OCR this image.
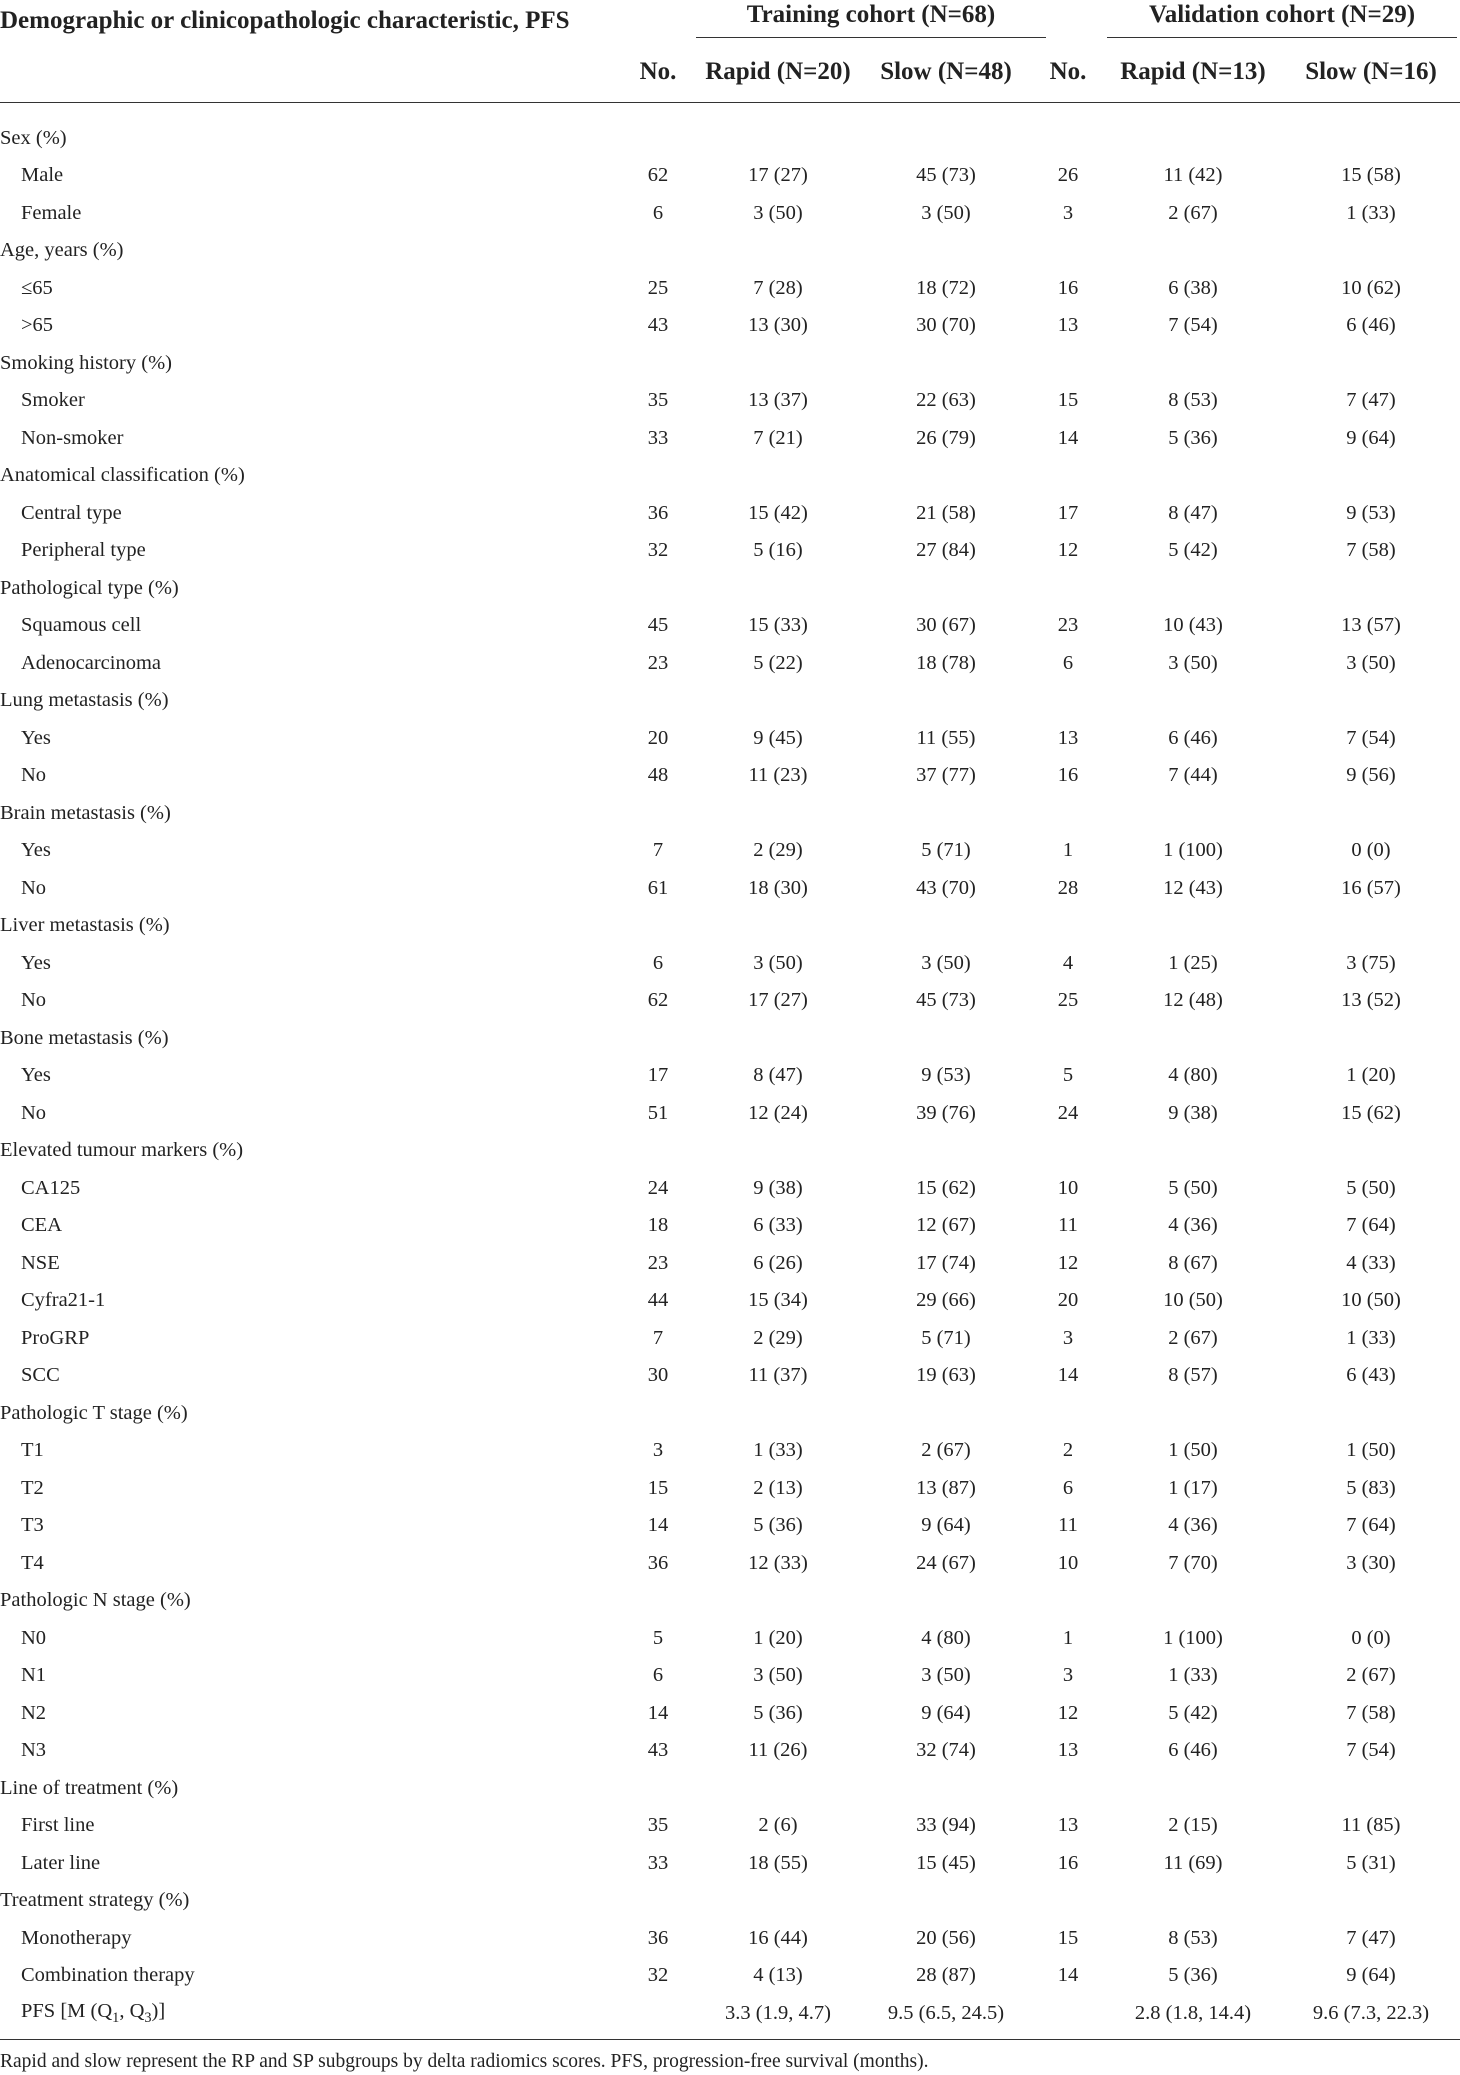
Demographic or clinicopathologic characteristic, PFS		Training cohort (N=68)			Validation cohort (N=29)	
	No.	Rapid (N=20)	Slow (N=48)	No.	Rapid (N=13)	Slow (N=16)

Sex (%)						
Male	62	17 (27)	45 (73)	26	11 (42)	15 (58)
Female	6	3 (50)	3 (50)	3	2 (67)	1 (33)
Age, years (%)						
≤65	25	7 (28)	18 (72)	16	6 (38)	10 (62)
>65	43	13 (30)	30 (70)	13	7 (54)	6 (46)
Smoking history (%)						
Smoker	35	13 (37)	22 (63)	15	8 (53)	7 (47)
Non-smoker	33	7 (21)	26 (79)	14	5 (36)	9 (64)
Anatomical classification (%)						
Central type	36	15 (42)	21 (58)	17	8 (47)	9 (53)
Peripheral type	32	5 (16)	27 (84)	12	5 (42)	7 (58)
Pathological type (%)						
Squamous cell	45	15 (33)	30 (67)	23	10 (43)	13 (57)
Adenocarcinoma	23	5 (22)	18 (78)	6	3 (50)	3 (50)
Lung metastasis (%)						
Yes	20	9 (45)	11 (55)	13	6 (46)	7 (54)
No	48	11 (23)	37 (77)	16	7 (44)	9 (56)
Brain metastasis (%)						
Yes	7	2 (29)	5 (71)	1	1 (100)	0 (0)
No	61	18 (30)	43 (70)	28	12 (43)	16 (57)
Liver metastasis (%)						
Yes	6	3 (50)	3 (50)	4	1 (25)	3 (75)
No	62	17 (27)	45 (73)	25	12 (48)	13 (52)
Bone metastasis (%)						
Yes	17	8 (47)	9 (53)	5	4 (80)	1 (20)
No	51	12 (24)	39 (76)	24	9 (38)	15 (62)
Elevated tumour markers (%)						
CA125	24	9 (38)	15 (62)	10	5 (50)	5 (50)
CEA	18	6 (33)	12 (67)	11	4 (36)	7 (64)
NSE	23	6 (26)	17 (74)	12	8 (67)	4 (33)
Cyfra21-1	44	15 (34)	29 (66)	20	10 (50)	10 (50)
ProGRP	7	2 (29)	5 (71)	3	2 (67)	1 (33)
SCC	30	11 (37)	19 (63)	14	8 (57)	6 (43)
Pathologic T stage (%)						
T1	3	1 (33)	2 (67)	2	1 (50)	1 (50)
T2	15	2 (13)	13 (87)	6	1 (17)	5 (83)
T3	14	5 (36)	9 (64)	11	4 (36)	7 (64)
T4	36	12 (33)	24 (67)	10	7 (70)	3 (30)
Pathologic N stage (%)						
N0	5	1 (20)	4 (80)	1	1 (100)	0 (0)
N1	6	3 (50)	3 (50)	3	1 (33)	2 (67)
N2	14	5 (36)	9 (64)	12	5 (42)	7 (58)
N3	43	11 (26)	32 (74)	13	6 (46)	7 (54)
Line of treatment (%)						
First line	35	2 (6)	33 (94)	13	2 (15)	11 (85)
Later line	33	18 (55)	15 (45)	16	11 (69)	5 (31)
Treatment strategy (%)						
Monotherapy	36	16 (44)	20 (56)	15	8 (53)	7 (47)
Combination therapy	32	4 (13)	28 (87)	14	5 (36)	9 (64)
PFS [M ($Q_1$, $Q_3$)]		3.3 (1.9, 4.7)	9.5 (6.5, 24.5)		2.8 (1.8, 14.4)	9.6 (7.3, 22.3)
Rapid and slow represent the RP and SP subgroups by delta radiomics scores. PFS, progression-free survival (months).
